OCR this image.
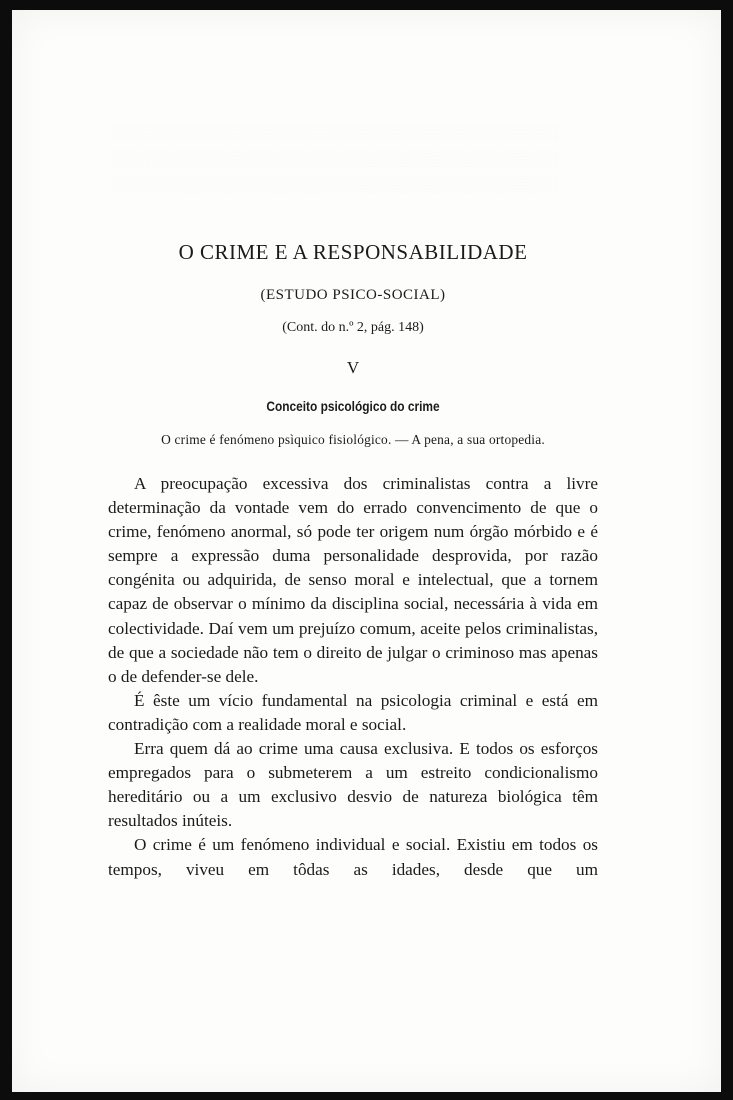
O CRIME E A RESPONSABILIDADE
(ESTUDO PSICO-SOCIAL)
(Cont. do n.º 2, pág. 148)
V
Conceito psicológico do crime
O crime é fenómeno psìquico fisiológico. — A pena, a sua ortopedia.

A preocupação excessiva dos criminalistas contra a livre determinação da vontade vem do errado convencimento de que o crime, fenómeno anormal, só pode ter origem num órgão mórbido e é sempre a expressão duma personalidade desprovida, por razão congénita ou adquirida, de senso moral e intelectual, que a tornem capaz de observar o mínimo da disciplina social, necessária à vida em colectividade. Daí vem um prejuízo comum, aceite pelos criminalistas, de que a sociedade não tem o direito de julgar o criminoso mas apenas o de defender-se dele.

É êste um vício fundamental na psicologia criminal e está em contradição com a realidade moral e social.

Erra quem dá ao crime uma causa exclusiva. E todos os esforços empregados para o submeterem a um estreito condicionalismo hereditário ou a um exclusivo desvio de natureza biológica têm resultados inúteis.

O crime é um fenómeno individual e social. Existiu em todos os tempos, viveu em tôdas as idades, desde que um
